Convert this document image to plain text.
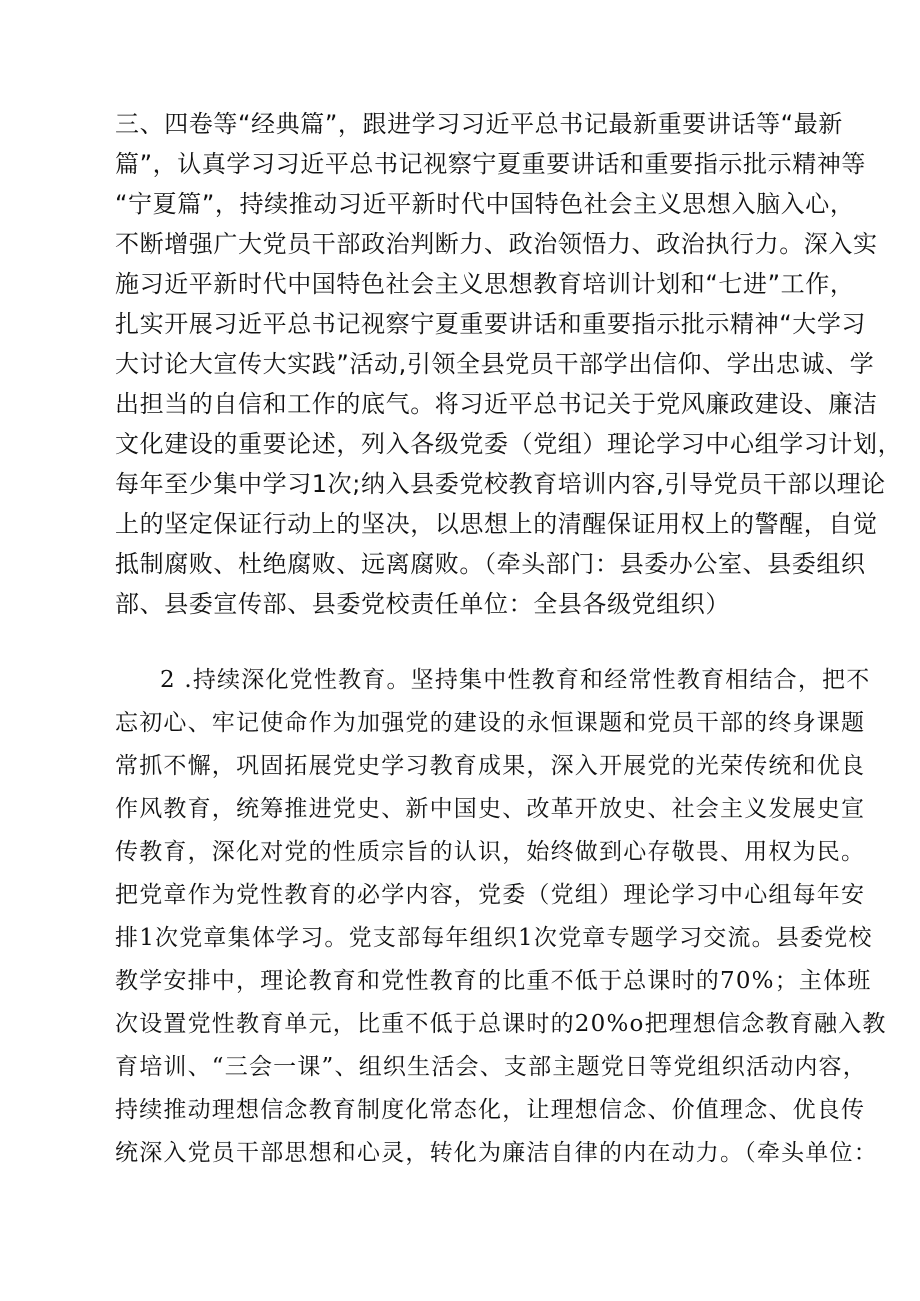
三、四卷等“经典篇”，跟进学习习近平总书记最新重要讲话等“最新
篇”，认真学习习近平总书记视察宁夏重要讲话和重要指示批示精神等
“宁夏篇”，持续推动习近平新时代中国特色社会主义思想入脑入心，
不断增强广大党员干部政治判断力、政治领悟力、政治执行力。深入实
施习近平新时代中国特色社会主义思想教育培训计划和“七进”工作，
扎实开展习近平总书记视察宁夏重要讲话和重要指示批示精神“大学习
大讨论大宣传大实践”活动,引领全县党员干部学出信仰、学出忠诚、学
出担当的自信和工作的底气。将习近平总书记关于党风廉政建设、廉洁
文化建设的重要论述，列入各级党委（党组）理论学习中心组学习计划，
每年至少集中学习1次;纳入县委党校教育培训内容,引导党员干部以理论
上的坚定保证行动上的坚决，以思想上的清醒保证用权上的警醒，自觉
抵制腐败、杜绝腐败、远离腐败。（牵头部门：县委办公室、县委组织
部、县委宣传部、县委党校责任单位：全县各级党组织）
2 .持续深化党性教育。坚持集中性教育和经常性教育相结合，把不
忘初心、牢记使命作为加强党的建设的永恒课题和党员干部的终身课题
常抓不懈，巩固拓展党史学习教育成果，深入开展党的光荣传统和优良
作风教育，统筹推进党史、新中国史、改革开放史、社会主义发展史宣
传教育，深化对党的性质宗旨的认识，始终做到心存敬畏、用权为民。
把党章作为党性教育的必学内容，党委（党组）理论学习中心组每年安
排1次党章集体学习。党支部每年组织1次党章专题学习交流。县委党校
教学安排中，理论教育和党性教育的比重不低于总课时的70%；主体班
次设置党性教育单元，比重不低于总课时的20%o把理想信念教育融入教
育培训、“三会一课”、组织生活会、支部主题党日等党组织活动内容，
持续推动理想信念教育制度化常态化，让理想信念、价值理念、优良传
统深入党员干部思想和心灵，转化为廉洁自律的内在动力。（牵头单位：
